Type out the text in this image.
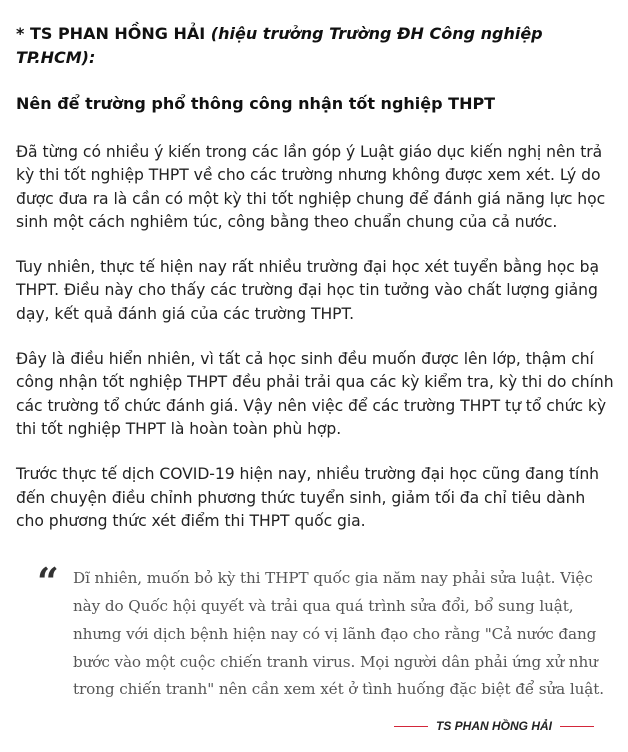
* TS PHAN HỒNG HẢI (hiệu trưởng Trường ĐH Công nghiệp TP.HCM):

Nên để trường phổ thông công nhận tốt nghiệp THPT

Đã từng có nhiều ý kiến trong các lần góp ý Luật giáo dục kiến nghị nên trả kỳ thi tốt nghiệp THPT về cho các trường nhưng không được xem xét. Lý do được đưa ra là cần có một kỳ thi tốt nghiệp chung để đánh giá năng lực học sinh một cách nghiêm túc, công bằng theo chuẩn chung của cả nước.

Tuy nhiên, thực tế hiện nay rất nhiều trường đại học xét tuyển bằng học bạ THPT. Điều này cho thấy các trường đại học tin tưởng vào chất lượng giảng dạy, kết quả đánh giá của các trường THPT.

Đây là điều hiển nhiên, vì tất cả học sinh đều muốn được lên lớp, thậm chí công nhận tốt nghiệp THPT đều phải trải qua các kỳ kiểm tra, kỳ thi do chính các trường tổ chức đánh giá. Vậy nên việc để các trường THPT tự tổ chức kỳ thi tốt nghiệp THPT là hoàn toàn phù hợp.

Trước thực tế dịch COVID-19 hiện nay, nhiều trường đại học cũng đang tính đến chuyện điều chỉnh phương thức tuyển sinh, giảm tối đa chỉ tiêu dành cho phương thức xét điểm thi THPT quốc gia.

“ Dĩ nhiên, muốn bỏ kỳ thi THPT quốc gia năm nay phải sửa luật. Việc này do Quốc hội quyết và trải qua quá trình sửa đổi, bổ sung luật, nhưng với dịch bệnh hiện nay có vị lãnh đạo cho rằng "Cả nước đang bước vào một cuộc chiến tranh virus. Mọi người dân phải ứng xử như trong chiến tranh" nên cần xem xét ở tình huống đặc biệt để sửa luật.

TS PHAN HỒNG HẢI
